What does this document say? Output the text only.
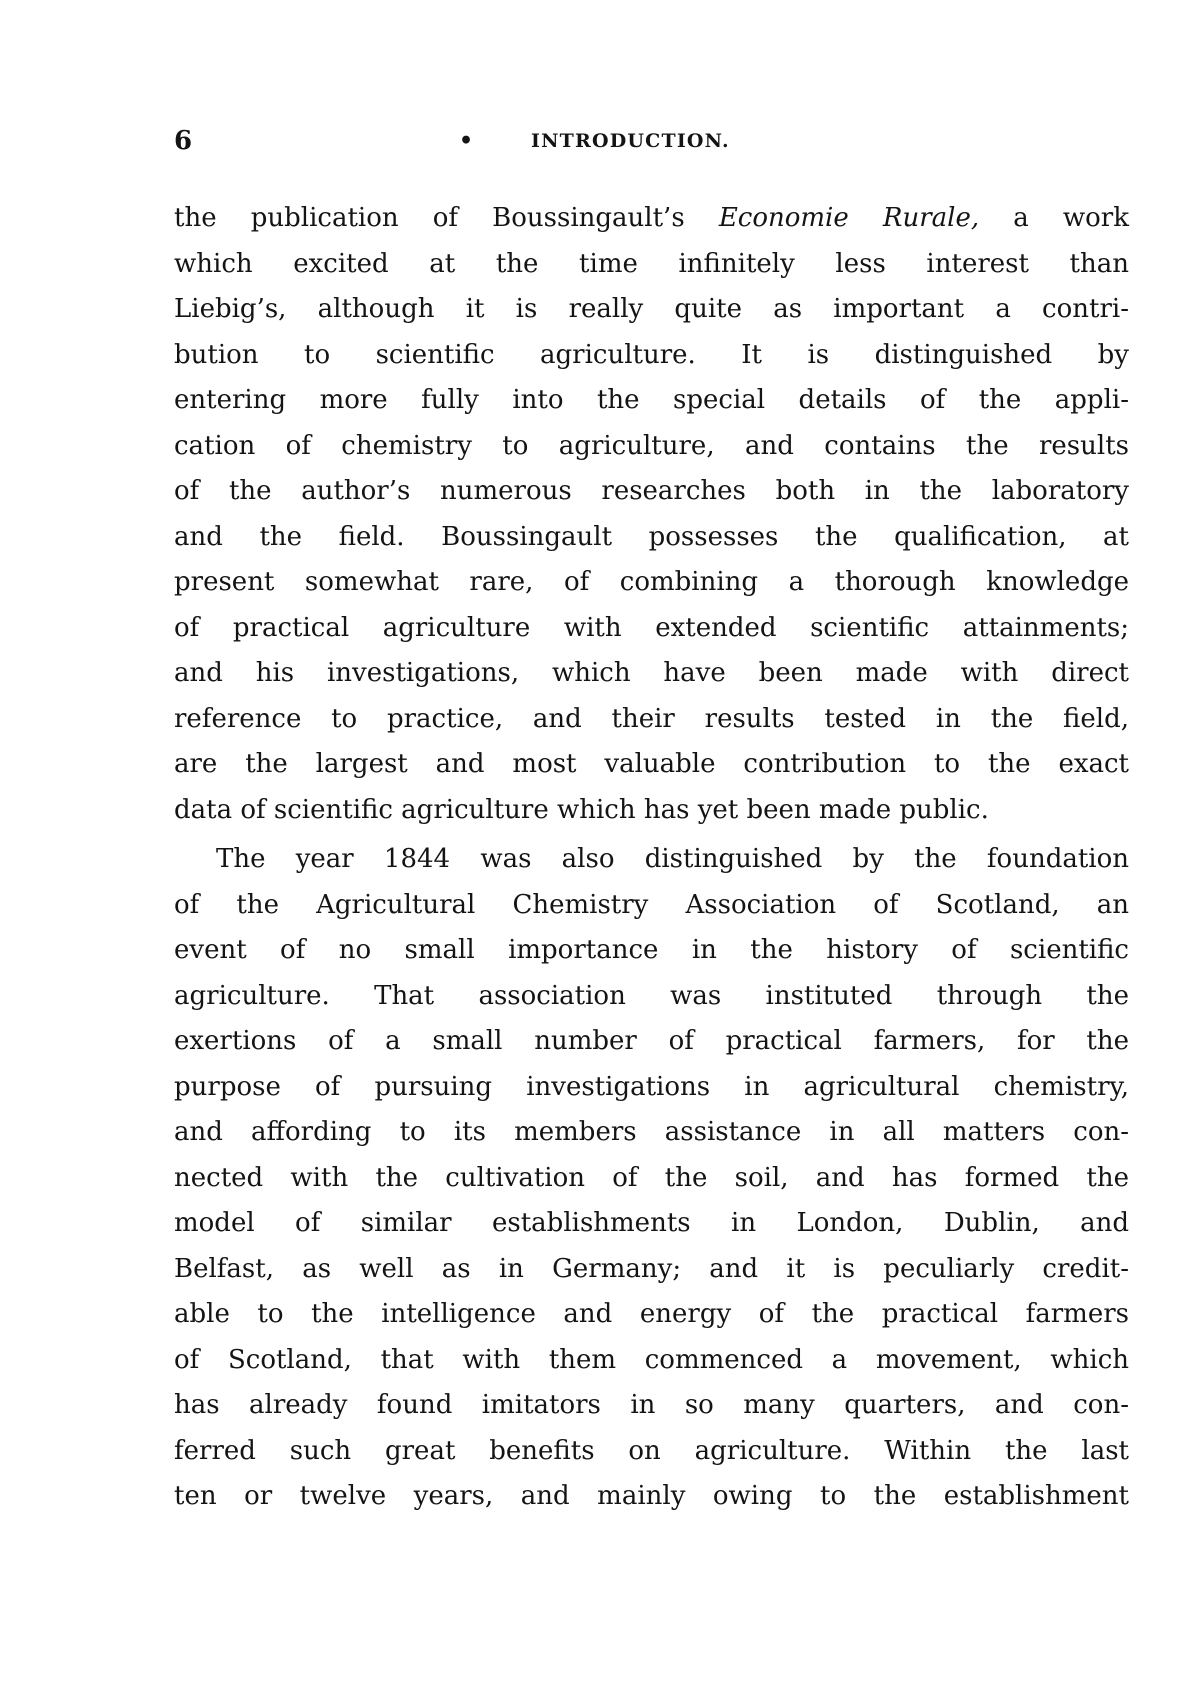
6	•	INTRODUCTION.
the publication of Boussingault’s Economie Rurale, a work
which excited at the time infinitely less interest than
Liebig’s, although it is really quite as important a contri-
bution to scientific agriculture. It is distinguished by
entering more fully into the special details of the appli-
cation of chemistry to agriculture, and contains the results
of the author’s numerous researches both in the laboratory
and the field. Boussingault possesses the qualification, at
present somewhat rare, of combining a thorough knowledge
of practical agriculture with extended scientific attainments;
and his investigations, which have been made with direct
reference to practice, and their results tested in the field,
are the largest and most valuable contribution to the exact
data of scientific agriculture which has yet been made public.
The year 1844 was also distinguished by the foundation
of the Agricultural Chemistry Association of Scotland, an
event of no small importance in the history of scientific
agriculture. That association was instituted through the
exertions of a small number of practical farmers, for the
purpose of pursuing investigations in agricultural chemistry,
and affording to its members assistance in all matters con-
nected with the cultivation of the soil, and has formed the
model of similar establishments in London, Dublin, and
Belfast, as well as in Germany; and it is peculiarly credit-
able to the intelligence and energy of the practical farmers
of Scotland, that with them commenced a movement, which
has already found imitators in so many quarters, and con-
ferred such great benefits on agriculture. Within the last
ten or twelve years, and mainly owing to the establishment
